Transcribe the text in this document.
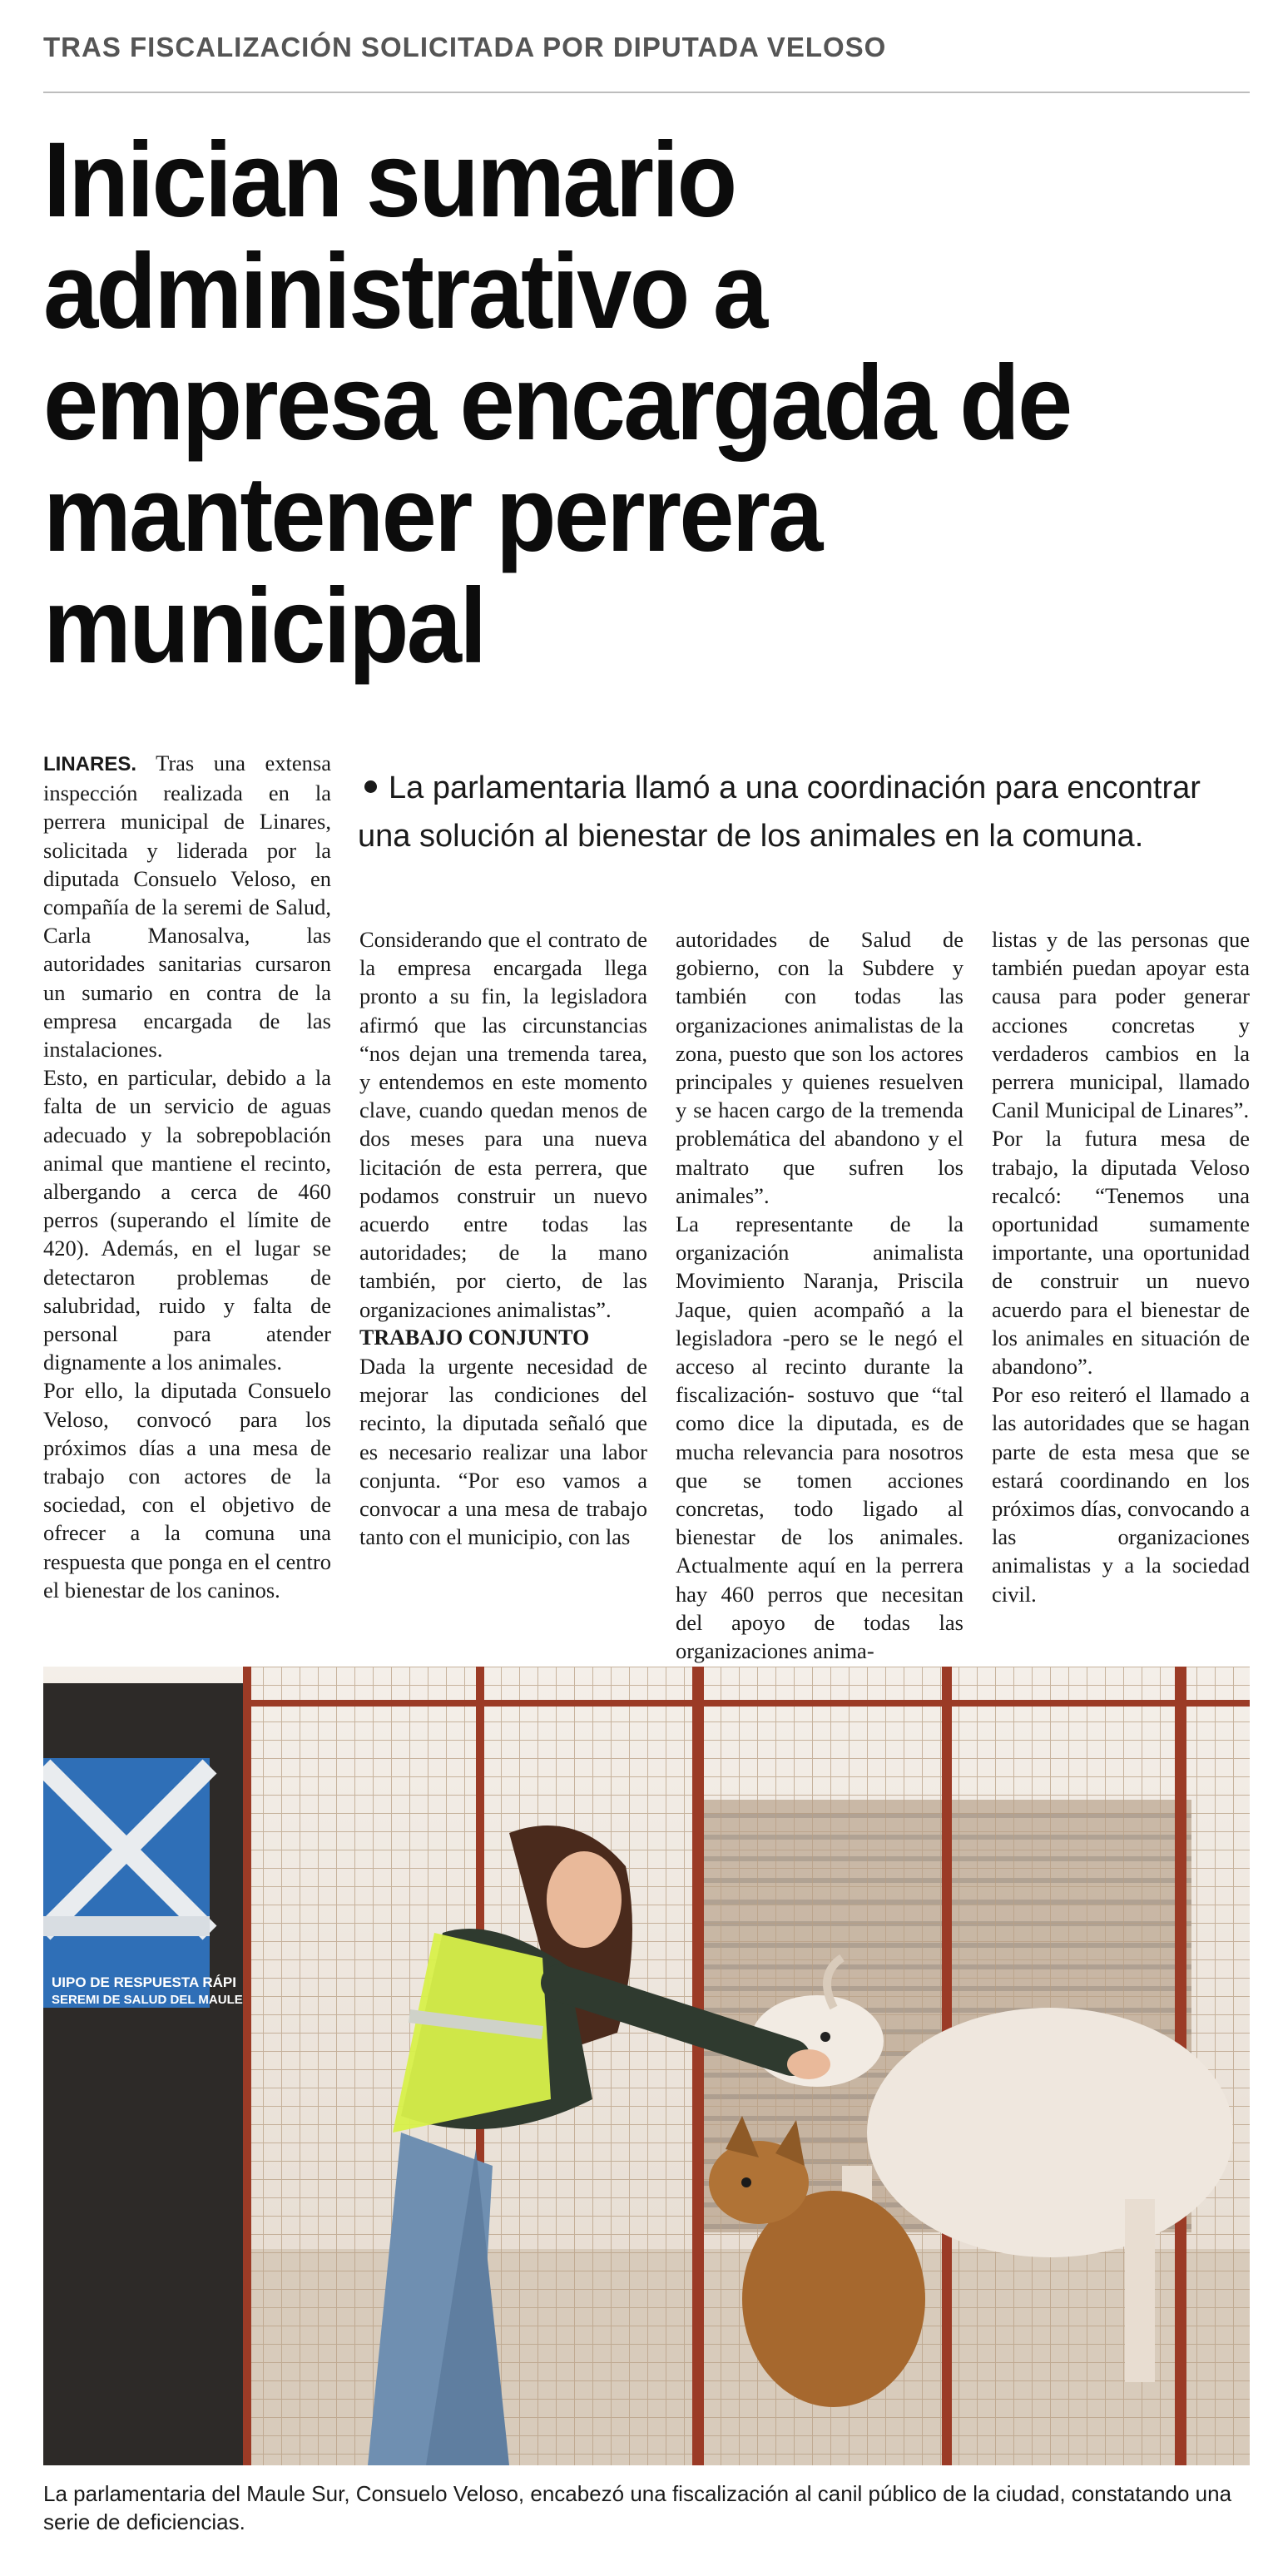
TRAS FISCALIZACIÓN SOLICITADA POR DIPUTADA VELOSO
Inician sumario administrativo a empresa encargada de mantener perrera municipal

LINARES. Tras una extensa inspección realizada en la perrera municipal de Linares, solicitada y liderada por la diputada Consuelo Veloso, en compañía de la seremi de Salud, Carla Manosalva, las autoridades sanitarias cursaron un sumario en contra de la empresa encargada de las instalaciones.

Esto, en particular, debido a la falta de un servicio de aguas adecuado y la sobrepoblación animal que mantiene el recinto, albergando a cerca de 460 perros (superando el límite de 420). Además, en el lugar se detectaron problemas de salubridad, ruido y falta de personal para atender dignamente a los animales.

Por ello, la diputada Consuelo Veloso, convocó para los próximos días a una mesa de trabajo con actores de la sociedad, con el objetivo de ofrecer a la comuna una respuesta que ponga en el centro el bienestar de los caninos.

La parlamentaria llamó a una coordinación para encontrar una solución al bienestar de los animales en la comuna.

Considerando que el contrato de la empresa encargada llega pronto a su fin, la legisladora afirmó que las circunstancias “nos dejan una tremenda tarea, y entendemos en este momento clave, cuando quedan menos de dos meses para una nueva licitación de esta perrera, que podamos construir un nuevo acuerdo entre todas las autoridades; de la mano también, por cierto, de las organizaciones animalistas”.

TRABAJO CONJUNTO

Dada la urgente necesidad de mejorar las condiciones del recinto, la diputada señaló que es necesario realizar una labor conjunta. “Por eso vamos a convocar a una mesa de trabajo tanto con el municipio, con las

autoridades de Salud de gobierno, con la Subdere y también con todas las organizaciones animalistas de la zona, puesto que son los actores principales y quienes resuelven y se hacen cargo de la tremenda problemática del abandono y el maltrato que sufren los animales”.

La representante de la organización animalista Movimiento Naranja, Priscila Jaque, quien acompañó a la legisladora -pero se le negó el acceso al recinto durante la fiscalización- sostuvo que “tal como dice la diputada, es de mucha relevancia para nosotros que se tomen acciones concretas, todo ligado al bienestar de los animales. Actualmente aquí en la perrera hay 460 perros que necesitan del apoyo de todas las organizaciones anima-

listas y de las personas que también puedan apoyar esta causa para poder generar acciones concretas y verdaderos cambios en la perrera municipal, llamado Canil Municipal de Linares”.

Por la futura mesa de trabajo, la diputada Veloso recalcó: “Tenemos una oportunidad sumamente importante, una oportunidad de construir un nuevo acuerdo para el bienestar de los animales en situación de abandono”.

Por eso reiteró el llamado a las autoridades que se hagan parte de esta mesa que se estará coordinando en los próximos días, convocando a las organizaciones animalistas y a la sociedad civil.

UIPO DE RESPUESTA RÁPI
SEREMI DE SALUD DEL MAULE
La parlamentaria del Maule Sur, Consuelo Veloso, encabezó una fiscalización al canil público de la ciudad, constatando una serie de deficiencias.
